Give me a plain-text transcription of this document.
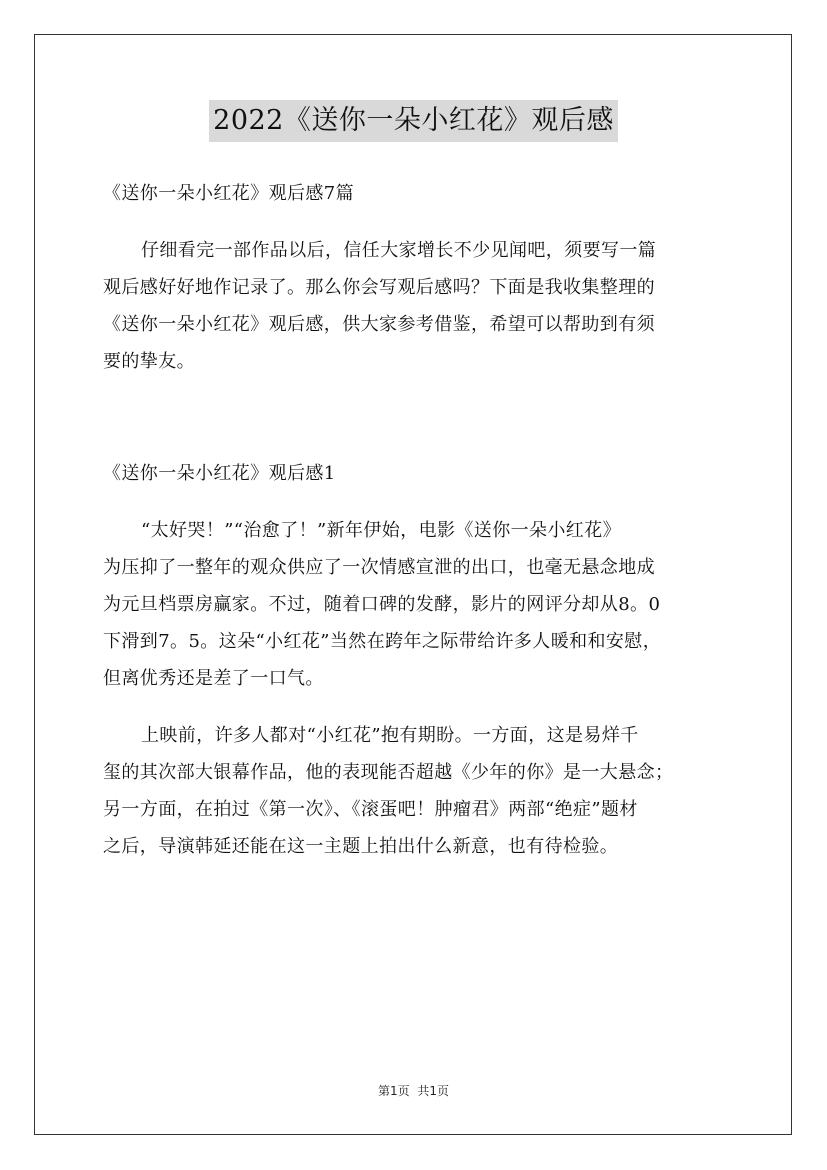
2022《送你一朵小红花》观后感
《送你一朵小红花》观后感7篇
仔细看完一部作品以后，信任大家增长不少见闻吧，须要写一篇
观后感好好地作记录了。那么你会写观后感吗？下面是我收集整理的
《送你一朵小红花》观后感，供大家参考借鉴，希望可以帮助到有须
要的挚友。
《送你一朵小红花》观后感1
“太好哭！”“治愈了！”新年伊始，电影《送你一朵小红花》
为压抑了一整年的观众供应了一次情感宣泄的出口，也毫无悬念地成
为元旦档票房赢家。不过，随着口碑的发酵，影片的网评分却从8。0
下滑到7。5。这朵“小红花”当然在跨年之际带给许多人暖和和安慰，
但离优秀还是差了一口气。
上映前，许多人都对“小红花”抱有期盼。一方面，这是易烊千
玺的其次部大银幕作品，他的表现能否超越《少年的你》是一大悬念；
另一方面，在拍过《第一次》、《滚蛋吧！肿瘤君》两部“绝症”题材
之后，导演韩延还能在这一主题上拍出什么新意，也有待检验。
第1页 共1页
